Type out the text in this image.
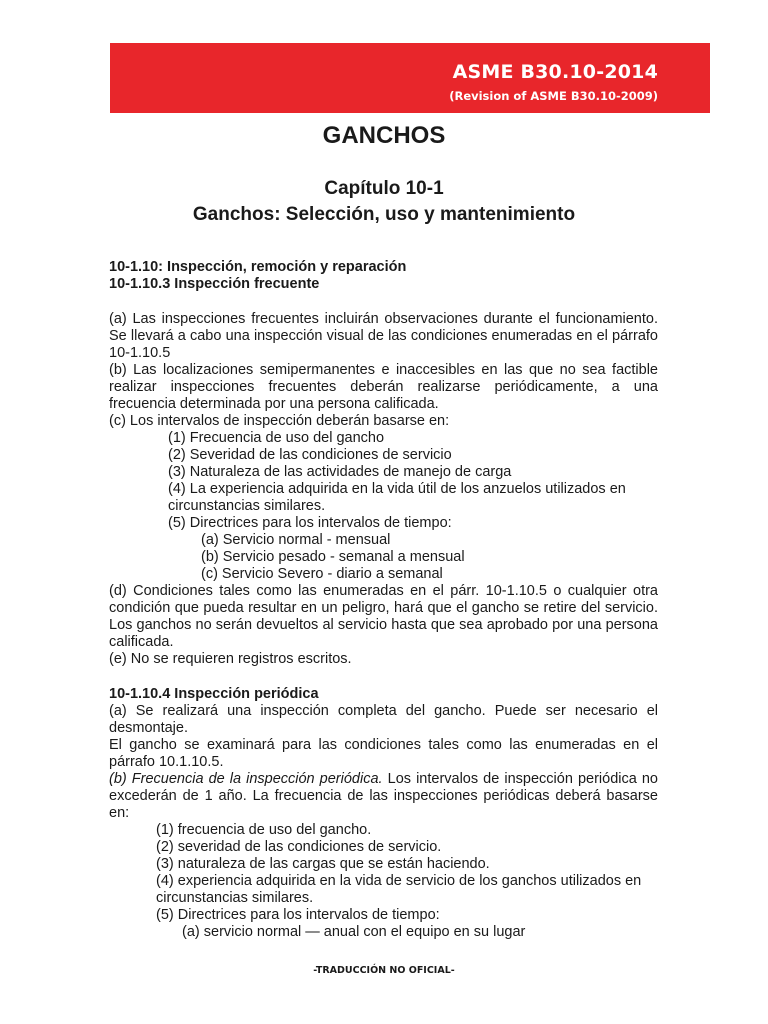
ASME B30.10-2014
(Revision of ASME B30.10-2009)
GANCHOS
Capítulo 10-1
Ganchos: Selección, uso y mantenimiento

10-1.10: Inspección, remoción y reparación

10-1.10.3 Inspección frecuente

(a) Las inspecciones frecuentes incluirán observaciones durante el funcionamiento. Se llevará a cabo una inspección visual de las condiciones enumeradas en el párrafo 10-1.10.5

(b) Las localizaciones semipermanentes e inaccesibles en las que no sea factible realizar inspecciones frecuentes deberán realizarse periódicamente, a una frecuencia determinada por una persona calificada.

(c) Los intervalos de inspección deberán basarse en:

(1) Frecuencia de uso del gancho

(2) Severidad de las condiciones de servicio

(3) Naturaleza de las actividades de manejo de carga

(4) La experiencia adquirida en la vida útil de los anzuelos utilizados en circunstancias similares.

(5) Directrices para los intervalos de tiempo:

(a) Servicio normal - mensual

(b) Servicio pesado - semanal a mensual

(c) Servicio Severo - diario a semanal

(d) Condiciones tales como las enumeradas en el párr. 10-1.10.5 o cualquier otra condición que pueda resultar en un peligro, hará que el gancho se retire del servicio. Los ganchos no serán devueltos al servicio hasta que sea aprobado por una persona calificada.

(e) No se requieren registros escritos.

10-1.10.4 Inspección periódica

(a) Se realizará una inspección completa del gancho. Puede ser necesario el desmontaje.

El gancho se examinará para las condiciones tales como las enumeradas en el párrafo 10.1.10.5.

(b) Frecuencia de la inspección periódica. Los intervalos de inspección periódica no excederán de 1 año. La frecuencia de las inspecciones periódicas deberá basarse en:

(1) frecuencia de uso del gancho.

(2) severidad de las condiciones de servicio.

(3) naturaleza de las cargas que se están haciendo.

(4) experiencia adquirida en la vida de servicio de los ganchos utilizados en circunstancias similares.

(5) Directrices para los intervalos de tiempo:

(a) servicio normal — anual con el equipo en su lugar

-TRADUCCIÓN NO OFICIAL-
